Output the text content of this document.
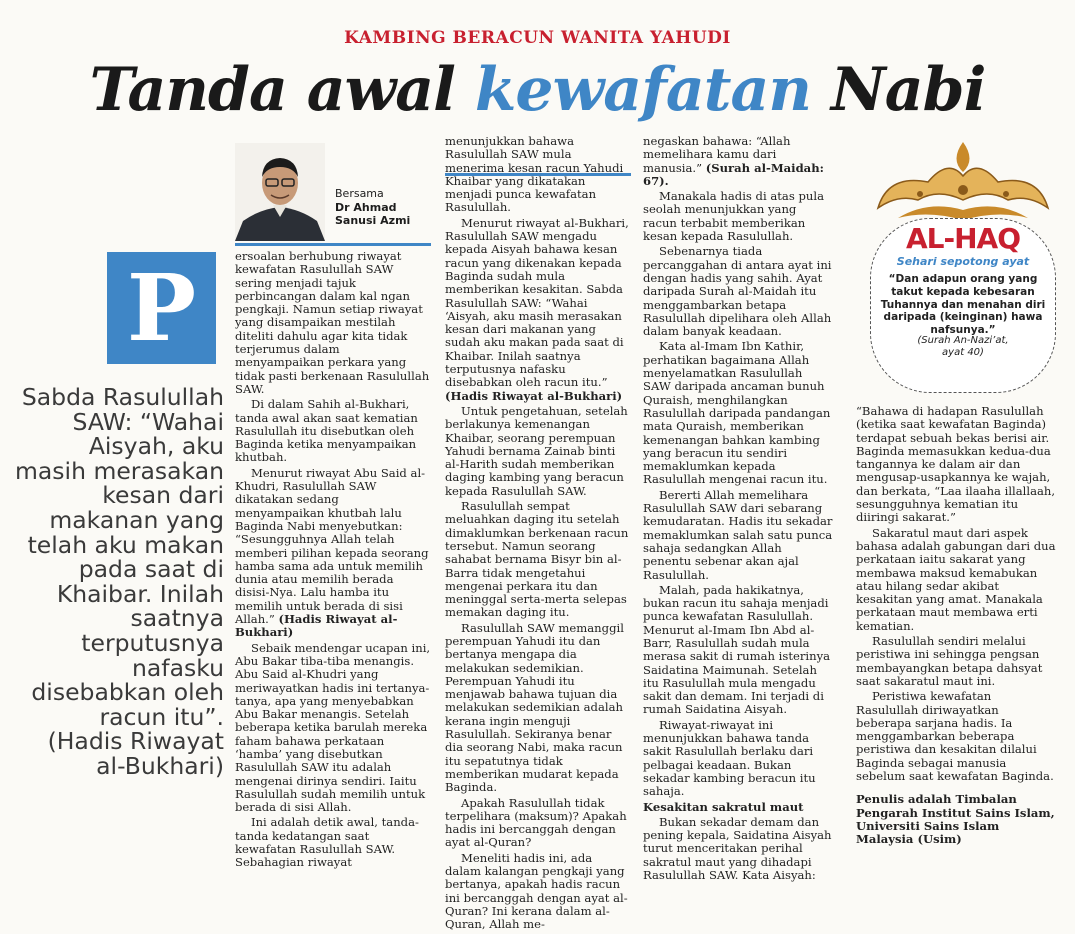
KAMBING BERACUN WANITA YAHUDI
Tanda awal kewafatan Nabi
Bersama
Dr Ahmad
Sanusi Azmi
P
Sabda Rasulullah SAW: “Wahai Aisyah, aku masih merasakan kesan dari makanan yang telah aku makan pada saat di Khaibar. Inilah saatnya terputusnya nafasku disebabkan oleh racun itu”.
(Hadis Riwayat al-Bukhari)
AL-HAQ
Sehari sepotong ayat
“Dan adapun orang yang takut kepada kebesaran Tuhannya dan menahan diri daripada (keinginan) hawa nafsunya.”
(Surah An-Nazi’at,
ayat 40)

ersoalan berhubung riwayat kewafatan Rasulullah SAW sering menjadi tajuk perbincangan dalam kal ngan pengkaji. Namun setiap riwayat yang disampaikan mestilah diteliti dahulu agar kita tidak terjerumus dalam menyampaikan perkara yang tidak pasti berkenaan Rasulullah SAW.

Di dalam Sahih al-Bukhari, tanda awal akan saat kematian Rasulullah itu disebutkan oleh Baginda ketika menyampaikan khutbah.

Menurut riwayat Abu Said al-Khudri, Rasulullah SAW dikatakan sedang menyampaikan khutbah lalu Baginda Nabi menyebutkan: “Sesungguhnya Allah telah memberi pilihan kepada seorang hamba sama ada untuk memilih dunia atau memilih berada disisi-Nya. Lalu hamba itu memilih untuk berada di sisi Allah.” (Hadis Riwayat al-Bukhari)

Sebaik mendengar ucapan ini, Abu Bakar tiba-tiba menangis. Abu Said al-Khudri yang meriwayatkan hadis ini tertanya-tanya, apa yang menyebabkan Abu Bakar menangis. Setelah beberapa ketika barulah mereka faham bahawa perkataan ‘hamba’ yang disebutkan Rasulullah SAW itu adalah mengenai dirinya sendiri. Iaitu Rasulullah sudah memilih untuk berada di sisi Allah.

Ini adalah detik awal, tanda-tanda kedatangan saat kewafatan Rasulullah SAW. Sebahagian riwayat

menunjukkan bahawa Rasulullah SAW mula menerima kesan racun Yahudi Khaibar yang dikatakan menjadi punca kewafatan Rasulullah.

Menurut riwayat al-Bukhari, Rasulullah SAW mengadu kepada Aisyah bahawa kesan racun yang dikenakan kepada Baginda sudah mula memberikan kesakitan. Sabda Rasulullah SAW: “Wahai ‘Aisyah, aku masih merasakan kesan dari makanan yang sudah aku makan pada saat di Khaibar. Inilah saatnya terputusnya nafasku disebabkan oleh racun itu.” (Hadis Riwayat al-Bukhari)

Untuk pengetahuan, setelah berlakunya kemenangan Khaibar, seorang perempuan Yahudi bernama Zainab binti al-Harith sudah memberikan daging kambing yang beracun kepada Rasulullah SAW.

Rasulullah sempat meluahkan daging itu setelah dimaklumkan berkenaan racun tersebut. Namun seorang sahabat bernama Bisyr bin al-Barra tidak mengetahui mengenai perkara itu dan meninggal serta-merta selepas memakan daging itu.

Rasulullah SAW memanggil perempuan Yahudi itu dan bertanya mengapa dia melakukan sedemikian. Perempuan Yahudi itu menjawab bahawa tujuan dia melakukan sedemikian adalah kerana ingin menguji Rasulullah. Sekiranya benar dia seorang Nabi, maka racun itu sepatutnya tidak memberikan mudarat kepada Baginda.

Apakah Rasulullah tidak terpelihara (maksum)? Apakah hadis ini bercanggah dengan ayat al-Quran?

Meneliti hadis ini, ada dalam kalangan pengkaji yang bertanya, apakah hadis racun ini bercanggah dengan ayat al-Quran? Ini kerana dalam al-Quran, Allah me-

negaskan bahawa: “Allah memelihara kamu dari manusia.” (Surah al-Maidah: 67).

Manakala hadis di atas pula seolah menunjukkan yang racun terbabit memberikan kesan kepada Rasulullah.

Sebenarnya tiada percanggahan di antara ayat ini dengan hadis yang sahih. Ayat daripada Surah al-Maidah itu menggambarkan betapa Rasulullah dipelihara oleh Allah dalam banyak keadaan.

Kata al-Imam Ibn Kathir, perhatikan bagaimana Allah menyelamatkan Rasulullah SAW daripada ancaman bunuh Quraish, menghilangkan Rasulullah daripada pandangan mata Quraish, memberikan kemenangan bahkan kambing yang beracun itu sendiri memaklumkan kepada Rasulullah mengenai racun itu.

Bererti Allah memelihara Rasulullah SAW dari sebarang kemudaratan. Hadis itu sekadar memaklumkan salah satu punca sahaja sedangkan Allah penentu sebenar akan ajal Rasulullah.

Malah, pada hakikatnya, bukan racun itu sahaja menjadi punca kewafatan Rasulullah. Menurut al-Imam Ibn Abd al-Barr, Rasulullah sudah mula merasa sakit di rumah isterinya Saidatina Maimunah. Setelah itu Rasulullah mula mengadu sakit dan demam. Ini terjadi di rumah Saidatina Aisyah.

Riwayat-riwayat ini menunjukkan bahawa tanda sakit Rasulullah berlaku dari pelbagai keadaan. Bukan sekadar kambing beracun itu sahaja.

Kesakitan sakratul maut

Bukan sekadar demam dan pening kepala, Saidatina Aisyah turut menceritakan perihal sakratul maut yang dihadapi Rasulullah SAW. Kata Aisyah:

“Bahawa di hadapan Rasulullah (ketika saat kewafatan Baginda) terdapat sebuah bekas berisi air. Baginda memasukkan kedua-dua tangannya ke dalam air dan mengusap-usapkannya ke wajah, dan berkata, “Laa ilaaha illallaah, sesungguhnya kematian itu diiringi sakarat.”

Sakaratul maut dari aspek bahasa adalah gabungan dari dua perkataan iaitu sakarat yang membawa maksud kemabukan atau hilang sedar akibat kesakitan yang amat. Manakala perkataan maut membawa erti kematian.

Rasulullah sendiri melalui peristiwa ini sehingga pengsan membayangkan betapa dahsyat saat sakaratul maut ini.

Peristiwa kewafatan Rasulullah diriwayatkan beberapa sarjana hadis. Ia menggambarkan beberapa peristiwa dan kesakitan dilalui Baginda sebagai manusia sebelum saat kewafatan Baginda.

Penulis adalah Timbalan Pengarah Institut Sains Islam, Universiti Sains Islam Malaysia (Usim)
